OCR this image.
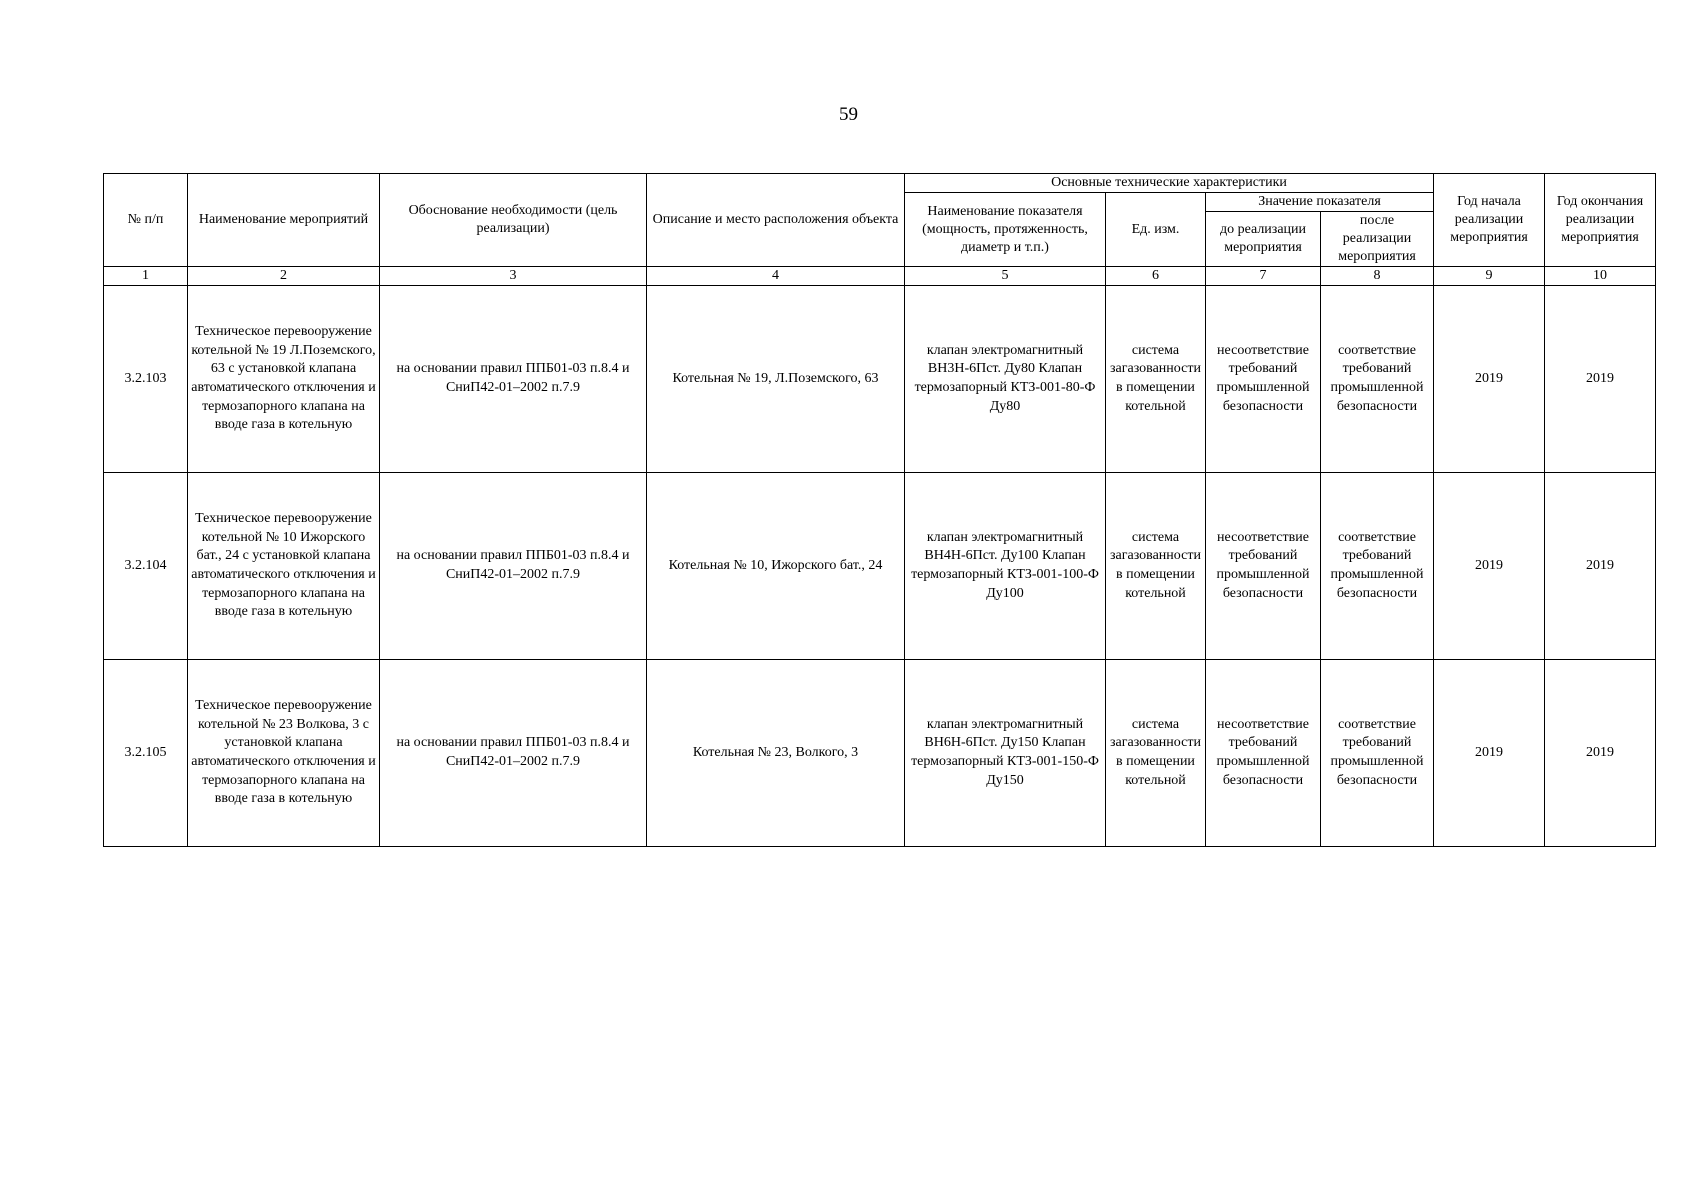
59
№ п/п	Наименование мероприятий	Обоснование необходимости (цель реализации)	Описание и место расположения объекта	Основные технические характеристики				Год начала реализации мероприятия	Год окончания реализации мероприятия
				Наименование показателя (мощность, протяженность, диаметр и т.п.)	Ед. изм.	Значение показателя			
						до реализации мероприятия	после реализации мероприятия		
1	2	3	4	5	6	7	8	9	10
3.2.103	Техническое перевооружение котельной № 19 Л.Поземского, 63 с установкой клапана автоматического отключения и термозапорного клапана на вводе газа в котельную	на основании правил ППБ01-03 п.8.4 и СниП42-01–2002 п.7.9	Котельная № 19, Л.Поземского, 63	клапан электромагнитный ВН3Н-6Пст. Ду80 Клапан термозапорный КТЗ-001-80-Ф Ду80	система загазованности в помещении котельной	несоответствие требований промышленной безопасности	соответствие требований промышленной безопасности	2019	2019
3.2.104	Техническое перевооружение котельной № 10 Ижорского бат., 24 с установкой клапана автоматического отключения и термозапорного клапана на вводе газа в котельную	на основании правил ППБ01-03 п.8.4 и СниП42-01–2002 п.7.9	Котельная № 10, Ижорского бат., 24	клапан электромагнитный ВН4Н-6Пст. Ду100 Клапан термозапорный КТЗ-001-100-Ф Ду100	система загазованности в помещении котельной	несоответствие требований промышленной безопасности	соответствие требований промышленной безопасности	2019	2019
3.2.105	Техническое перевооружение котельной № 23 Волкова, 3 с установкой клапана автоматического отключения и термозапорного клапана на вводе газа в котельную	на основании правил ППБ01-03 п.8.4 и СниП42-01–2002 п.7.9	Котельная № 23, Волкого, 3	клапан электромагнитный ВН6Н-6Пст. Ду150 Клапан термозапорный КТЗ-001-150-Ф Ду150	система загазованности в помещении котельной	несоответствие требований промышленной безопасности	соответствие требований промышленной безопасности	2019	2019
